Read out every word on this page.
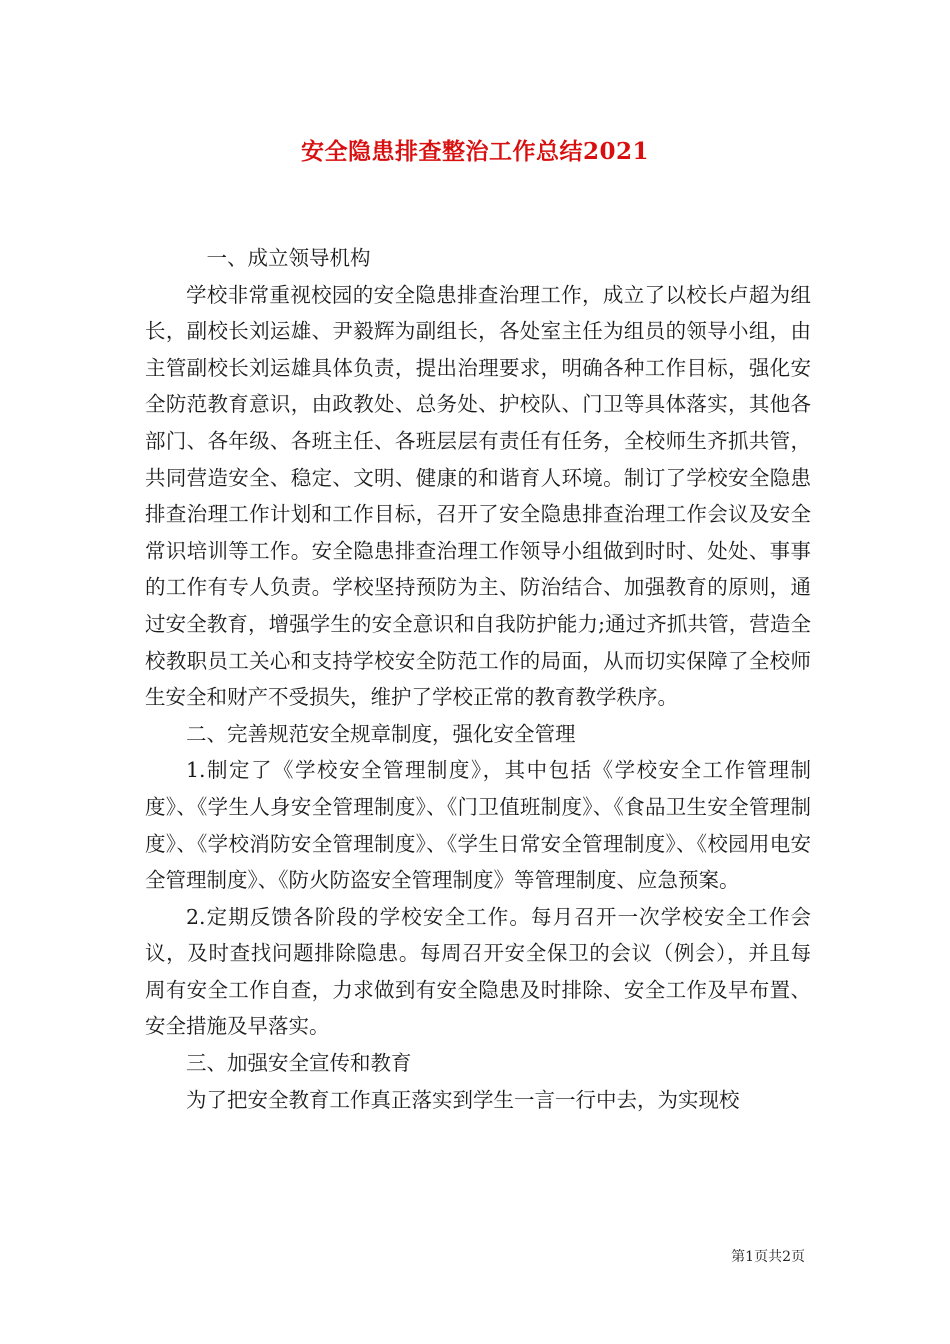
安全隐患排查整治工作总结2021

一、成立领导机构

学校非常重视校园的安全隐患排查治理工作，成立了以校长卢超为组长，副校长刘运雄、尹毅辉为副组长，各处室主任为组员的领导小组，由主管副校长刘运雄具体负责，提出治理要求，明确各种工作目标，强化安全防范教育意识，由政教处、总务处、护校队、门卫等具体落实，其他各部门、各年级、各班主任、各班层层有责任有任务，全校师生齐抓共管，共同营造安全、稳定、文明、健康的和谐育人环境。制订了学校安全隐患排查治理工作计划和工作目标，召开了安全隐患排查治理工作会议及安全常识培训等工作。安全隐患排查治理工作领导小组做到时时、处处、事事的工作有专人负责。学校坚持预防为主、防治结合、加强教育的原则，通过安全教育，增强学生的安全意识和自我防护能力;通过齐抓共管，营造全校教职员工关心和支持学校安全防范工作的局面，从而切实保障了全校师生安全和财产不受损失，维护了学校正常的教育教学秩序。

二、完善规范安全规章制度，强化安全管理

1.制定了《学校安全管理制度》，其中包括《学校安全工作管理制度》、《学生人身安全管理制度》、《门卫值班制度》、《食品卫生安全管理制度》、《学校消防安全管理制度》、《学生日常安全管理制度》、《校园用电安全管理制度》、《防火防盗安全管理制度》等管理制度、应急预案。

2.定期反馈各阶段的学校安全工作。每月召开一次学校安全工作会议，及时查找问题排除隐患。每周召开安全保卫的会议（例会），并且每周有安全工作自查，力求做到有安全隐患及时排除、安全工作及早布置、安全措施及早落实。

三、加强安全宣传和教育

为了把安全教育工作真正落实到学生一言一行中去，为实现校

第1页共2页
